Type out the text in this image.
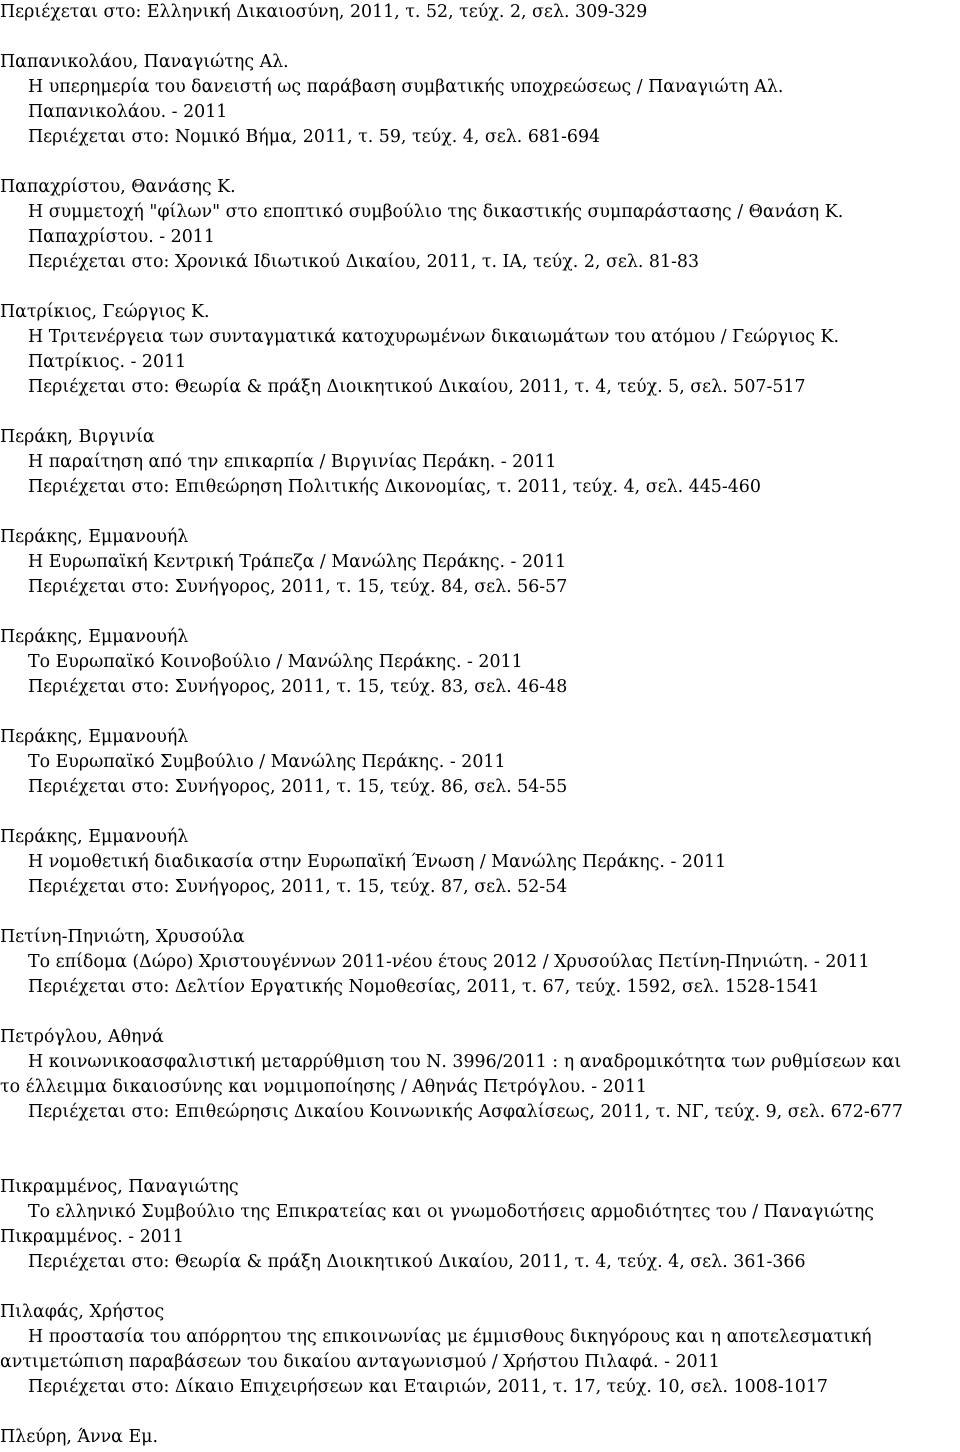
Περιέχεται στο: Ελληνική Δικαιοσύνη, 2011, τ. 52, τεύχ. 2, σελ. 309-329
Παπανικολάου, Παναγιώτης Αλ.
Η υπερημερία του δανειστή ως παράβαση συμβατικής υποχρεώσεως / Παναγιώτη Αλ.
Παπανικολάου. - 2011
Περιέχεται στο: Νομικό Βήμα, 2011, τ. 59, τεύχ. 4, σελ. 681-694
Παπαχρίστου, Θανάσης Κ.
Η συμμετοχή "φίλων" στο εποπτικό συμβούλιο της δικαστικής συμπαράστασης / Θανάση Κ.
Παπαχρίστου. - 2011
Περιέχεται στο: Χρονικά Ιδιωτικού Δικαίου, 2011, τ. ΙΑ, τεύχ. 2, σελ. 81-83
Πατρίκιος, Γεώργιος Κ.
Η Τριτενέργεια των συνταγματικά κατοχυρωμένων δικαιωμάτων του ατόμου / Γεώργιος Κ.
Πατρίκιος. - 2011
Περιέχεται στο: Θεωρία & πράξη Διοικητικού Δικαίου, 2011, τ. 4, τεύχ. 5, σελ. 507-517
Περάκη, Βιργινία
Η παραίτηση από την επικαρπία / Βιργινίας Περάκη. - 2011
Περιέχεται στο: Επιθεώρηση Πολιτικής Δικονομίας, τ. 2011, τεύχ. 4, σελ. 445-460
Περάκης, Εμμανουήλ
Η Ευρωπαϊκή Κεντρική Τράπεζα / Μανώλης Περάκης. - 2011
Περιέχεται στο: Συνήγορος, 2011, τ. 15, τεύχ. 84, σελ. 56-57
Περάκης, Εμμανουήλ
Το Ευρωπαϊκό Κοινοβούλιο / Μανώλης Περάκης. - 2011
Περιέχεται στο: Συνήγορος, 2011, τ. 15, τεύχ. 83, σελ. 46-48
Περάκης, Εμμανουήλ
Το Ευρωπαϊκό Συμβούλιο / Μανώλης Περάκης. - 2011
Περιέχεται στο: Συνήγορος, 2011, τ. 15, τεύχ. 86, σελ. 54-55
Περάκης, Εμμανουήλ
Η νομοθετική διαδικασία στην Ευρωπαϊκή Ένωση / Μανώλης Περάκης. - 2011
Περιέχεται στο: Συνήγορος, 2011, τ. 15, τεύχ. 87, σελ. 52-54
Πετίνη-Πηνιώτη, Χρυσούλα
Το επίδομα (Δώρο) Χριστουγέννων 2011-νέου έτους 2012 / Χρυσούλας Πετίνη-Πηνιώτη. - 2011
Περιέχεται στο: Δελτίον Εργατικής Νομοθεσίας, 2011, τ. 67, τεύχ. 1592, σελ. 1528-1541
Πετρόγλου, Αθηνά
Η κοινωνικοασφαλιστική μεταρρύθμιση του Ν. 3996/2011 : η αναδρομικότητα των ρυθμίσεων και το έλλειμμα δικαιοσύνης και νομιμοποίησης / Αθηνάς Πετρόγλου. - 2011
Περιέχεται στο: Επιθεώρησις Δικαίου Κοινωνικής Ασφαλίσεως, 2011, τ. ΝΓ, τεύχ. 9, σελ. 672-677
Πικραμμένος, Παναγιώτης
Το ελληνικό Συμβούλιο της Επικρατείας και οι γνωμοδοτήσεις αρμοδιότητες του / Παναγιώτης Πικραμμένος. - 2011
Περιέχεται στο: Θεωρία & πράξη Διοικητικού Δικαίου, 2011, τ. 4, τεύχ. 4, σελ. 361-366
Πιλαφάς, Χρήστος
Η προστασία του απόρρητου της επικοινωνίας με έμμισθους δικηγόρους και η αποτελεσματική αντιμετώπιση παραβάσεων του δικαίου ανταγωνισμού / Χρήστου Πιλαφά. - 2011
Περιέχεται στο: Δίκαιο Επιχειρήσεων και Εταιριών, 2011, τ. 17, τεύχ. 10, σελ. 1008-1017
Πλεύρη, Άννα Εμ.
